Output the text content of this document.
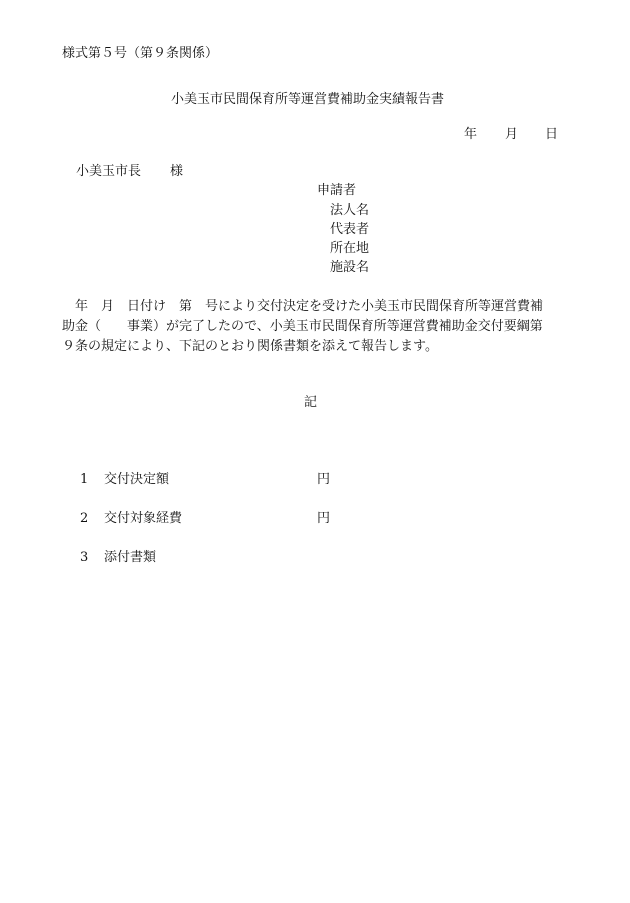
様式第５号（第９条関係）
小美玉市民間保育所等運営費補助金実績報告書
年 月 日
小美玉市長 様
申請者
法人名
代表者
所在地
施設名
　年　月　日付け　第　号により交付決定を受けた小美玉市民間保育所等運営費補
助金（　　事業）が完了したので、小美玉市民間保育所等運営費補助金交付要綱第
９条の規定により、下記のとおり関係書類を添えて報告します。
記
1 交付決定額	円
2 交付対象経費	円
3 添付書類
